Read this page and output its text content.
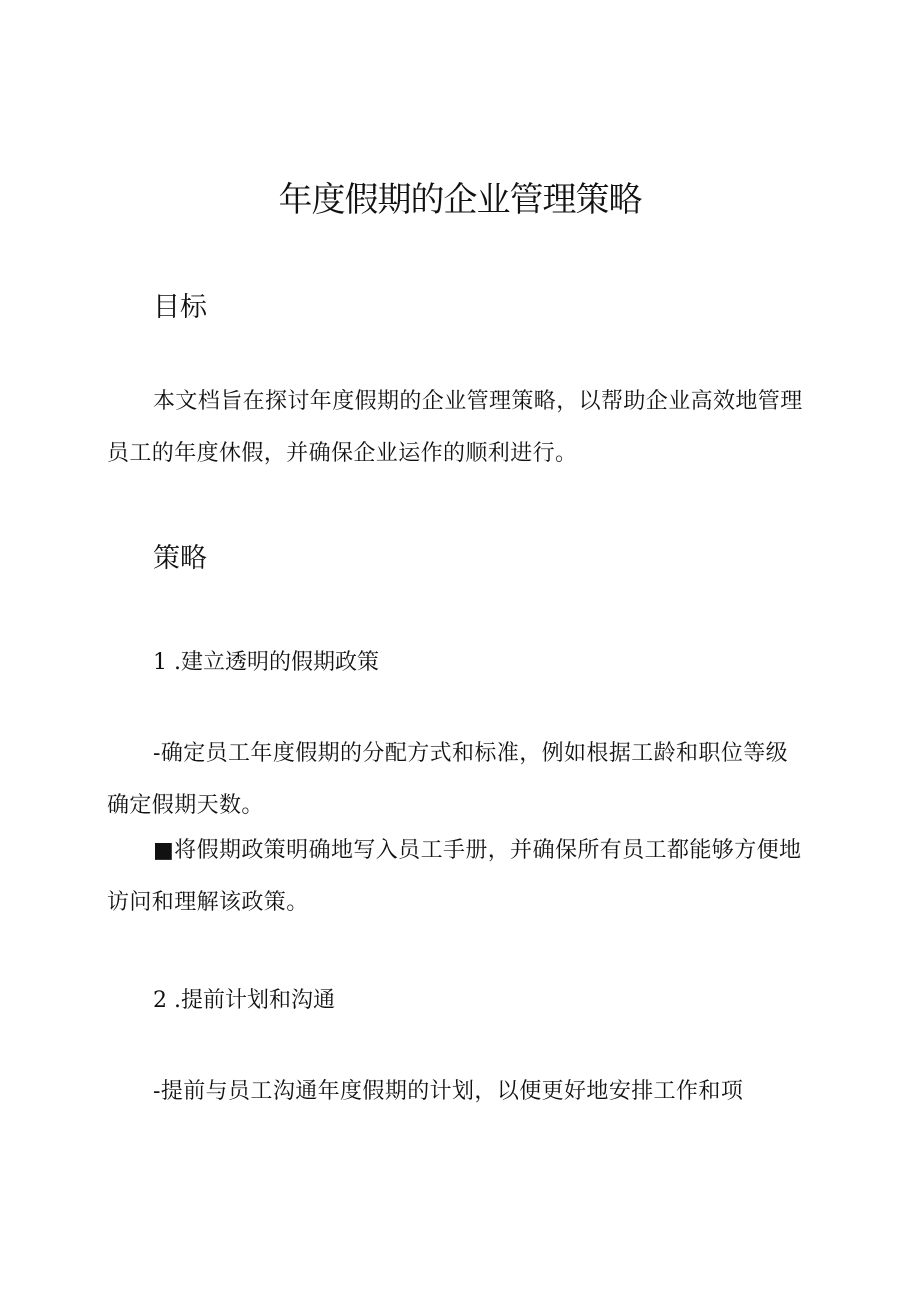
年度假期的企业管理策略
目标

本文档旨在探讨年度假期的企业管理策略，以帮助企业高效地管理员工的年度休假，并确保企业运作的顺利进行。

策略

1 .建立透明的假期政策

-确定员工年度假期的分配方式和标准，例如根据工龄和职位等级确定假期天数。

■将假期政策明确地写入员工手册，并确保所有员工都能够方便地访问和理解该政策。

2 .提前计划和沟通

-提前与员工沟通年度假期的计划，以便更好地安排工作和项
